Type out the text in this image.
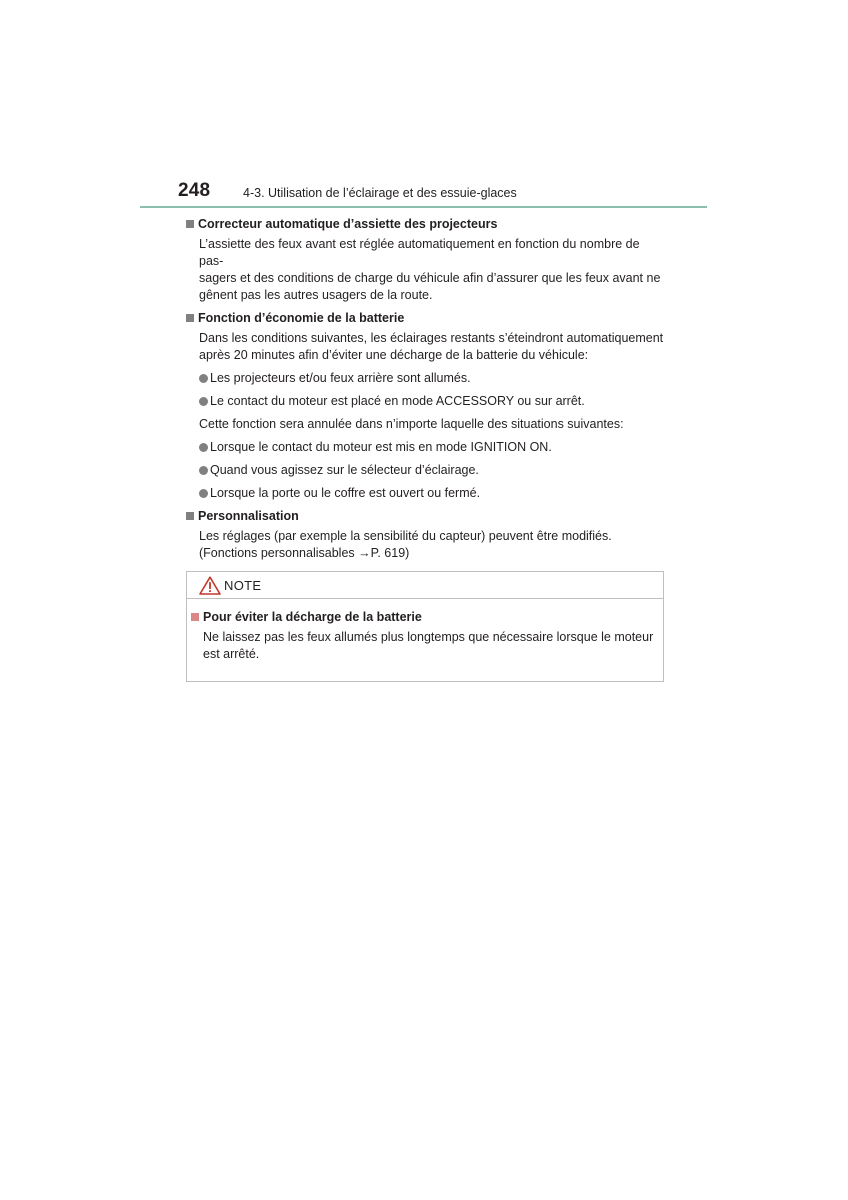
248	4-3. Utilisation de l’éclairage et des essuie-glaces
Correcteur automatique d’assiette des projecteurs
L’assiette des feux avant est réglée automatiquement en fonction du nombre de pas-
sagers et des conditions de charge du véhicule afin d’assurer que les feux avant ne
gênent pas les autres usagers de la route.
Fonction d’économie de la batterie
Dans les conditions suivantes, les éclairages restants s’éteindront automatiquement
après 20 minutes afin d’éviter une décharge de la batterie du véhicule:
Les projecteurs et/ou feux arrière sont allumés.
Le contact du moteur est placé en mode ACCESSORY ou sur arrêt.
Cette fonction sera annulée dans n’importe laquelle des situations suivantes:
Lorsque le contact du moteur est mis en mode IGNITION ON.
Quand vous agissez sur le sélecteur d’éclairage.
Lorsque la porte ou le coffre est ouvert ou fermé.
Personnalisation
Les réglages (par exemple la sensibilité du capteur) peuvent être modifiés.
(Fonctions personnalisables →P. 619)
NOTE
Pour éviter la décharge de la batterie
Ne laissez pas les feux allumés plus longtemps que nécessaire lorsque le moteur
est arrêté.
